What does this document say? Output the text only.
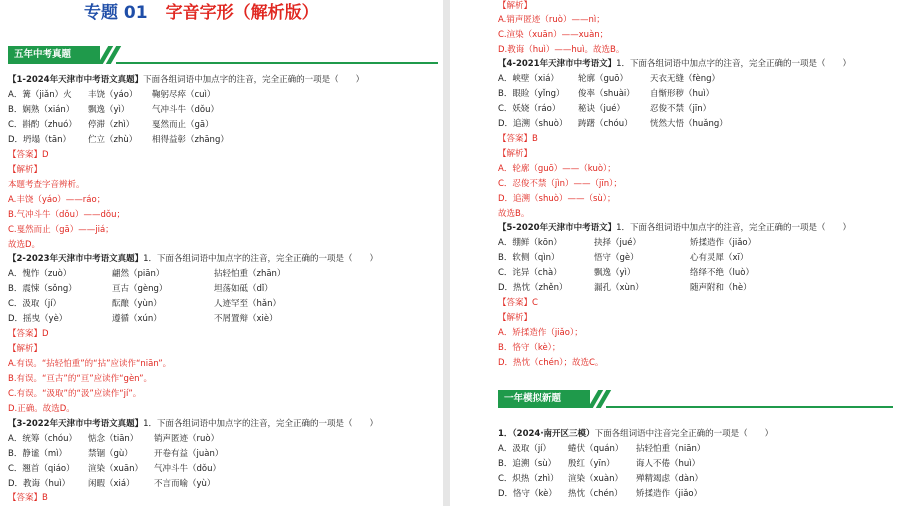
专题 01 字音字形（解析版）
五年中考真题
【1-2024年天津市中考语文真题】下面各组词语中加点字的注音，完全正确的一项是（　　）
A．篝（jiǎn）火 丰饶（yáo） 鞠躬尽瘁（cuì）
B．娴熟（xián） 飘逸（yì）	气冲斗牛（dǒu）
C．斟酌（zhuó） 停滞（zhì） 戛然而止（gā）
D．坍塌（tān） 伫立（zhù） 相得益彰（zhāng）
【答案】D
【解析】
本题考查字音辨析。
A.丰饶（yáo）——ráo；
B.气冲斗牛（dǒu）——dǒu；
C.戛然而止（gā）——jiá；
故选D。
【2-2023年天津市中考语文真题】1．下面各组词语中加点字的注音，完全正确的一项是（　　）
A．愧怍（zuò）	翩然（piān）	拈轻怕重（zhān）
B．震悚（sǒng）	亘古（gèng）	坦荡如砥（dǐ）
C．汲取（jí）	酝酿（yùn）	人迹罕至（hǎn）
D．摇曳（yè）	遵循（xún）	不屑置辩（xiè）
【答案】D
【解析】
A.有误。“拈轻怕重”的“拈”应读作“niān”。
B.有误。“亘古”的“亘”应读作“gèn”。
C.有误。“汲取”的“汲”应读作“jí”。
D.正确。故选D。
【3-2022年天津市中考语文真题】1．下面各组词语中加点字的注音，完全正确的一项是（　　）
A．统筹（chóu） 惦念（tiān） 销声匿迹（ruò）
B．静谧（mì） 禁锢（gù） 开卷有益（juàn）
C．翘首（qiáo） 渲染（xuān） 气冲斗牛（dǒu）
D．教诲（huì） 闲暇（xiá） 不言而喻（yù）
【答案】B
【解析】
A.销声匿迹（ruò）——nì；
C.渲染（xuān）——xuàn；
D.教诲（huì）——huì。故选B。
【4-2021年天津市中考语文】1．下面各组词语中加点字的注音，完全正确的一项是（　　）
A．峡壁（xiá） 轮廓（guō）	天衣无缝（fèng）
B．眼睑（yǐng） 俊率（shuài） 自惭形秽（huì）
C．妖娆（ráo） 秘诀（jué）	忍俊不禁（jīn）
D．追溯（shuò） 踌躇（chóu） 恍然大悟（huǎng）
【答案】B
【解析】
A．轮廓（guō）——（kuò）；
C．忍俊不禁（jìn）——（jīn）；
D．追溯（shuò）——（sù）；
故选B。
【5-2020年天津市中考语文】1．下面各组词语中加点字的注音，完全正确的一项是（　　）
A．绷鲜（kōn）	抉择（jué）	矫揉造作（jiǎo）
B．软侧（qìn）	悟守（gè）	心有灵犀（xī）
C．诧异（chà）	飘逸（yì）	络绎不绝（luò）
D．热忱（zhěn）	漏孔（xùn）	随声附和（hè）
【答案】C
【解析】
A．矫揉造作（jiǎo）；
B．恪守（kè）；
D．热忱（chén）；故选C。
一年模拟新题
1．（2024·南开区三模）下面各组词语中注音完全正确的一项是（　　）
A．汲取（jí） 蜷伏（quán） 拈轻怕重（niān）
B．追溯（sù） 殷红（yīn） 诲人不倦（huì）
C．炽热（zhì） 渲染（xuàn） 殚精竭虑（dàn）
D．恪守（kè） 热忱（chén） 矫揉造作（jiǎo）
